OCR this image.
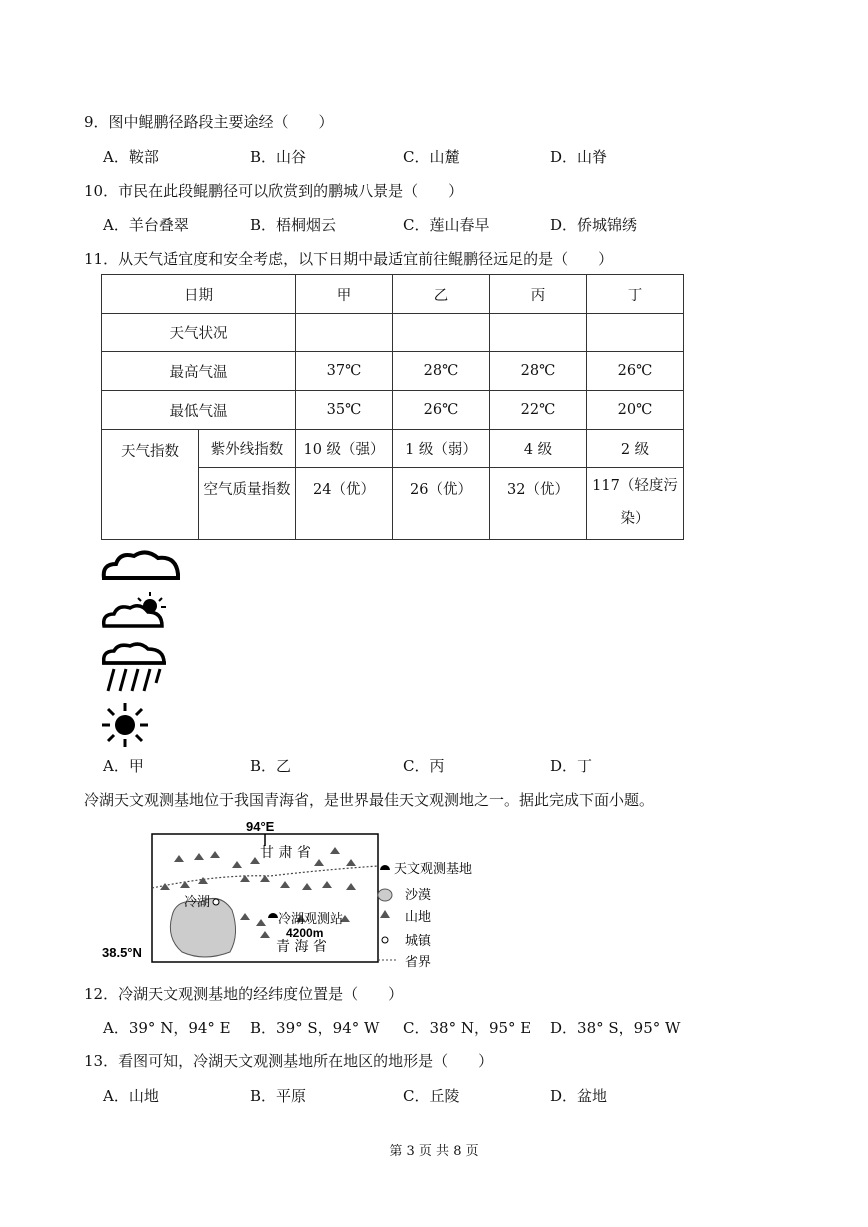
9．图中鲲鹏径路段主要途经（　　）
A．鞍部	B．山谷	C．山麓	D．山脊
10．市民在此段鲲鹏径可以欣赏到的鹏城八景是（　　）
A．羊台叠翠	B．梧桐烟云	C．莲山春早	D．侨城锦绣
11．从天气适宜度和安全考虑，以下日期中最适宜前往鲲鹏径远足的是（　　）
日期		甲	乙	丙	丁
天气状况					
最高气温		37℃	28℃	28℃	26℃
最低气温		35℃	26℃	22℃	20℃
天气指数	紫外线指数	10 级（强）	1 级（弱）	4 级	2 级
	空气质量指数	24（优）	26（优）	32（优）	117（轻度污
染）
A．甲	B．乙	C．丙	D．丁
冷湖天文观测基地位于我国青海省，是世界最佳天文观测地之一。据此完成下面小题。
94°E
38.5°N
甘 肃 省
青 海 省
冷湖
冷湖观测站
4200m
天文观测基地
沙漠
山地
城镇
省界
12．冷湖天文观测基地的经纬度位置是（　　）
A．39° N，94° E B．39° S，94° W C．38° N，95° E D．38° S，95° W
13．看图可知，冷湖天文观测基地所在地区的地形是（　　）
A．山地	B．平原	C．丘陵	D．盆地
第 3 页 共 8 页
